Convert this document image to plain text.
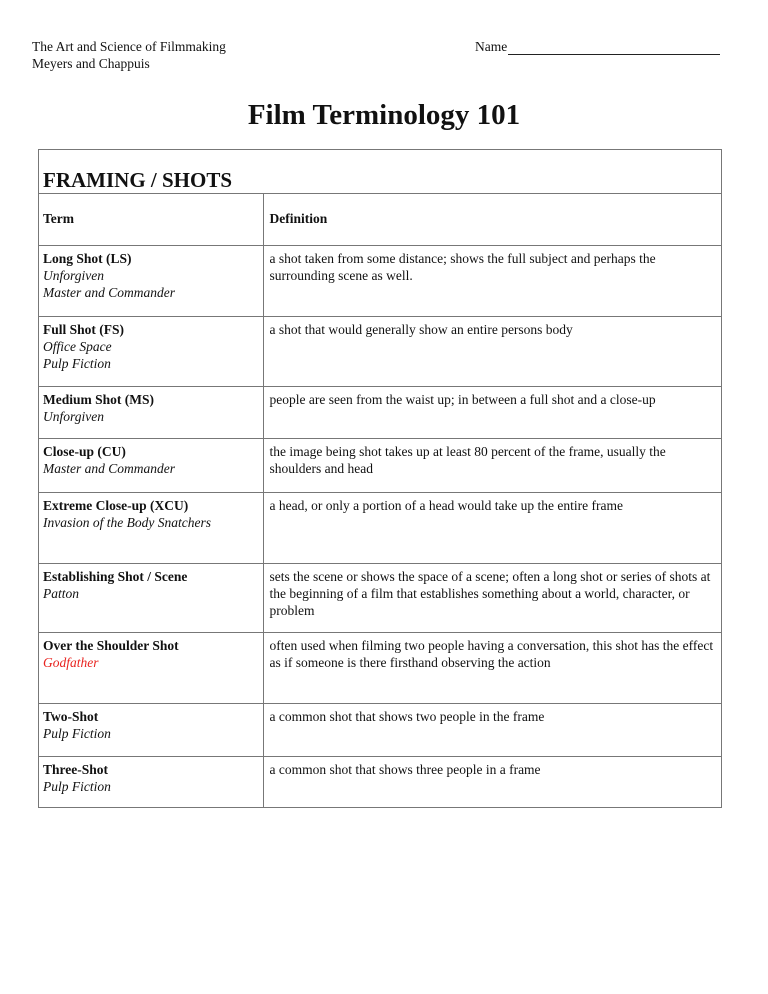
The Art and Science of Filmmaking
Meyers and Chappuis
Name
Film Terminology 101
FRAMING / SHOTS
Term	Definition

Long Shot (LS)
Unforgiven
Master and Commander	a shot taken from some distance; shows the full subject and perhaps the surrounding scene as well.

Full Shot (FS)
Office Space
Pulp Fiction	a shot that would generally show an entire persons body

Medium Shot (MS)
Unforgiven	people are seen from the waist up; in between a full shot and a close-up

Close-up (CU)
Master and Commander	the image being shot takes up at least 80 percent of the frame, usually the shoulders and head

Extreme Close-up (XCU)
Invasion of the Body Snatchers	a head, or only a portion of a head would take up the entire frame

Establishing Shot / Scene
Patton	sets the scene or shows the space of a scene; often a long shot or series of shots at the beginning of a film that establishes something about a world, character, or problem

Over the Shoulder Shot
Godfather	often used when filming two people having a conversation, this shot has the effect as if someone is there firsthand observing the action

Two-Shot
Pulp Fiction	a common shot that shows two people in the frame

Three-Shot
Pulp Fiction	a common shot that shows three people in a frame
